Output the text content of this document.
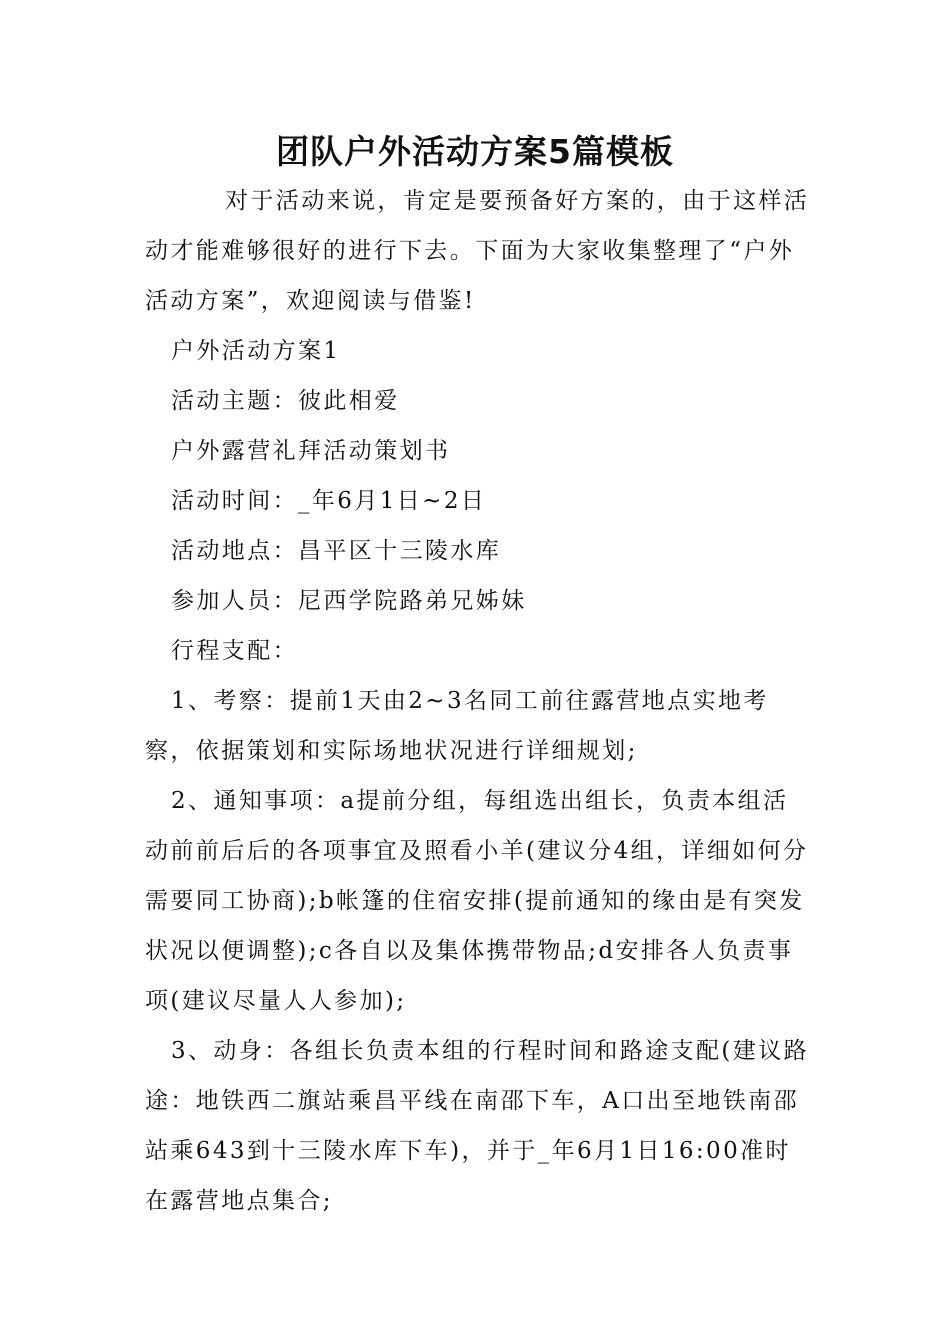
团队户外活动方案5篇模板

对于活动来说，肯定是要预备好方案的，由于这样活动才能难够很好的进行下去。下面为大家收集整理了“户外活动方案”，欢迎阅读与借鉴!

户外活动方案1

活动主题：彼此相爱

户外露营礼拜活动策划书

活动时间：_年6月1日~2日

活动地点：昌平区十三陵水库

参加人员：尼西学院路弟兄姊妹

行程支配：

1、考察：提前1天由2~3名同工前往露营地点实地考察，依据策划和实际场地状况进行详细规划;

2、通知事项：a提前分组，每组选出组长，负责本组活动前前后后的各项事宜及照看小羊(建议分4组，详细如何分需要同工协商);b帐篷的住宿安排(提前通知的缘由是有突发状况以便调整);c各自以及集体携带物品;d安排各人负责事项(建议尽量人人参加);

3、动身：各组长负责本组的行程时间和路途支配(建议路途：地铁西二旗站乘昌平线在南邵下车，A口出至地铁南邵站乘643到十三陵水库下车)，并于_年6月1日16:00准时在露营地点集合;
